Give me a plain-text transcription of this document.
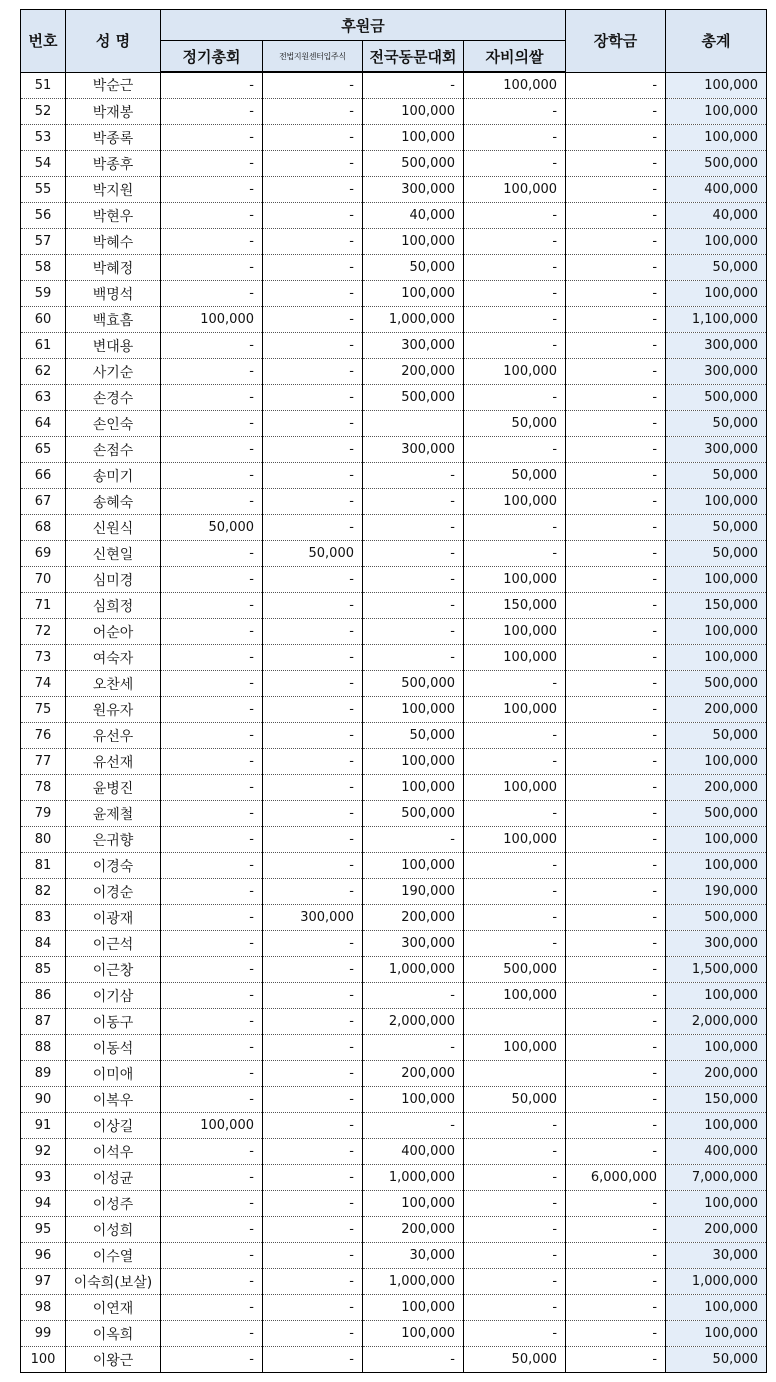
번호	성 명	후원금				장학금	총계
		정기총회	전법지원센터입주식	전국동문대회	자비의쌀		
51	박순근	-	-	-	100,000	-	100,000
52	박재봉	-	-	100,000	-	-	100,000
53	박종록	-	-	100,000	-	-	100,000
54	박종후	-	-	500,000	-	-	500,000
55	박지원	-	-	300,000	100,000	-	400,000
56	박현우	-	-	40,000	-	-	40,000
57	박혜수	-	-	100,000	-	-	100,000
58	박혜정	-	-	50,000	-	-	50,000
59	백명석	-	-	100,000	-	-	100,000
60	백효흠	100,000	-	1,000,000	-	-	1,100,000
61	변대용	-	-	300,000	-	-	300,000
62	사기순	-	-	200,000	100,000	-	300,000
63	손경수	-	-	500,000	-	-	500,000
64	손인숙	-	-		50,000	-	50,000
65	손점수	-	-	300,000	-	-	300,000
66	송미기	-	-	-	50,000	-	50,000
67	송혜숙	-	-	-	100,000	-	100,000
68	신원식	50,000	-	-	-	-	50,000
69	신현일	-	50,000	-	-	-	50,000
70	심미경	-	-	-	100,000	-	100,000
71	심희정	-	-	-	150,000	-	150,000
72	어순아	-	-	-	100,000	-	100,000
73	여숙자	-	-	-	100,000	-	100,000
74	오찬세	-	-	500,000	-	-	500,000
75	원유자	-	-	100,000	100,000	-	200,000
76	유선우	-	-	50,000	-	-	50,000
77	유선재	-	-	100,000	-	-	100,000
78	윤병진	-	-	100,000	100,000	-	200,000
79	윤제철	-	-	500,000	-	-	500,000
80	은귀향	-	-	-	100,000	-	100,000
81	이경숙	-	-	100,000	-	-	100,000
82	이경순	-	-	190,000	-	-	190,000
83	이광재	-	300,000	200,000	-	-	500,000
84	이근석	-	-	300,000	-	-	300,000
85	이근창	-	-	1,000,000	500,000	-	1,500,000
86	이기삼	-	-	-	100,000	-	100,000
87	이동구	-	-	2,000,000		-	2,000,000
88	이동석	-	-	-	100,000	-	100,000
89	이미애	-	-	200,000		-	200,000
90	이복우	-	-	100,000	50,000	-	150,000
91	이상길	100,000	-	-	-	-	100,000
92	이석우	-	-	400,000	-	-	400,000
93	이성균	-	-	1,000,000	-	6,000,000	7,000,000
94	이성주	-	-	100,000	-	-	100,000
95	이성희	-	-	200,000	-	-	200,000
96	이수열	-	-	30,000	-	-	30,000
97	이숙희(보살)	-	-	1,000,000	-	-	1,000,000
98	이연재	-	-	100,000	-	-	100,000
99	이옥희	-	-	100,000	-	-	100,000
100	이왕근	-	-	-	50,000	-	50,000
